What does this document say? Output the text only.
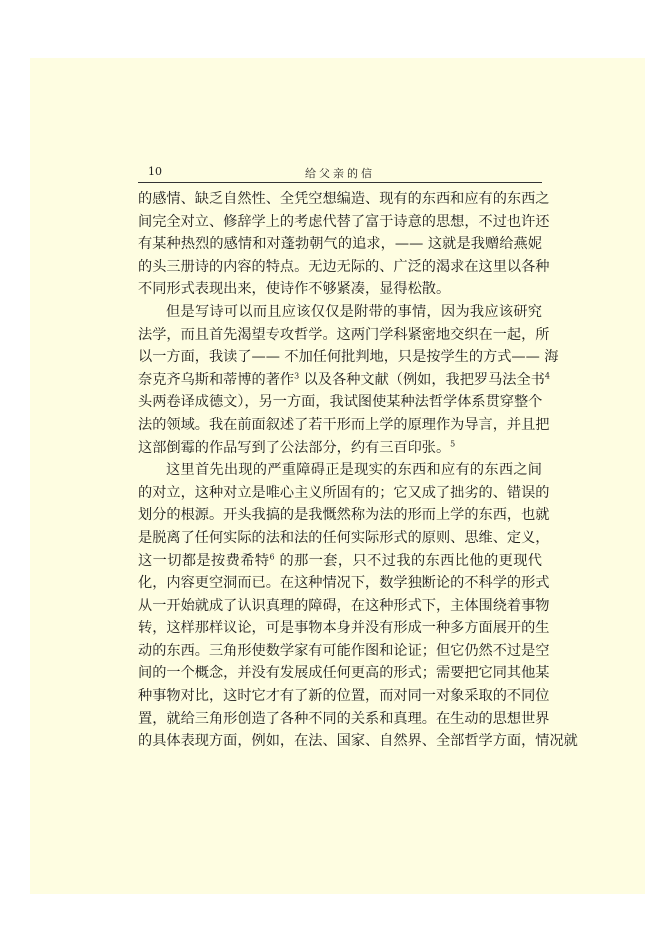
10	给父亲的信
的感情、缺乏自然性、全凭空想编造、现有的东西和应有的东西之
间完全对立、修辞学上的考虑代替了富于诗意的思想，不过也许还
有某种热烈的感情和对蓬勃朝气的追求，—— 这就是我赠给燕妮
的头三册诗的内容的特点。无边无际的、广泛的渴求在这里以各种
不同形式表现出来，使诗作不够紧凑，显得松散。
但是写诗可以而且应该仅仅是附带的事情，因为我应该研究
法学，而且首先渴望专攻哲学。这两门学科紧密地交织在一起，所
以一方面，我读了—— 不加任何批判地，只是按学生的方式—— 海
奈克齐乌斯和蒂博的著作$^3$ 以及各种文献（例如，我把罗马法全书$^4$
头两卷译成德文），另一方面，我试图使某种法哲学体系贯穿整个
法的领域。我在前面叙述了若干形而上学的原理作为导言，并且把
这部倒霉的作品写到了公法部分，约有三百印张。$^5$
这里首先出现的严重障碍正是现实的东西和应有的东西之间
的对立，这种对立是唯心主义所固有的；它又成了拙劣的、错误的
划分的根源。开头我搞的是我慨然称为法的形而上学的东西，也就
是脱离了任何实际的法和法的任何实际形式的原则、思维、定义，
这一切都是按费希特$^6$ 的那一套，只不过我的东西比他的更现代
化，内容更空洞而已。在这种情况下，数学独断论的不科学的形式
从一开始就成了认识真理的障碍，在这种形式下，主体围绕着事物
转，这样那样议论，可是事物本身并没有形成一种多方面展开的生
动的东西。三角形使数学家有可能作图和论证；但它仍然不过是空
间的一个概念，并没有发展成任何更高的形式；需要把它同其他某
种事物对比，这时它才有了新的位置，而对同一对象采取的不同位
置，就给三角形创造了各种不同的关系和真理。在生动的思想世界
的具体表现方面，例如，在法、国家、自然界、全部哲学方面，情况就
